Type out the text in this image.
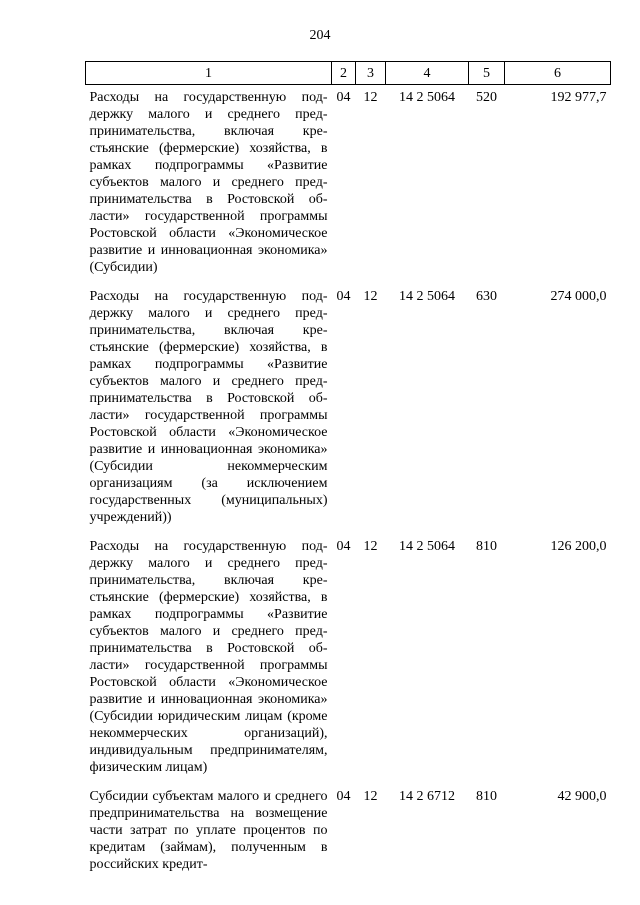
204
1	2	3	4	5	6
Расходы на государственную поддержку малого и среднего предпринимательства, включая крестьянские (фермерские) хозяйства, в рамках подпрограммы «Развитие субъектов малого и среднего предпринимательства в Ростовской области» государственной программы Ростовской области «Экономическое развитие и инновационная экономика» (Субсидии)	04	12	14 2 5064	520	192 977,7
Расходы на государственную поддержку малого и среднего предпринимательства, включая крестьянские (фермерские) хозяйства, в рамках подпрограммы «Развитие субъектов малого и среднего предпринимательства в Ростовской области» государственной программы Ростовской области «Экономическое развитие и инновационная экономика» (Субсидии некоммерческим организациям (за исключением государственных (муниципальных) учреждений))	04	12	14 2 5064	630	274 000,0
Расходы на государственную поддержку малого и среднего предпринимательства, включая крестьянские (фермерские) хозяйства, в рамках подпрограммы «Развитие субъектов малого и среднего предпринимательства в Ростовской области» государственной программы Ростовской области «Экономическое развитие и инновационная экономика» (Субсидии юридическим лицам (кроме некоммерческих организаций), индивидуальным предпринимателям, физическим лицам)	04	12	14 2 5064	810	126 200,0
Субсидии субъектам малого и среднего предпринимательства на возмещение части затрат по уплате процентов по кредитам (займам), полученным в российских кредит-	04	12	14 2 6712	810	42 900,0
